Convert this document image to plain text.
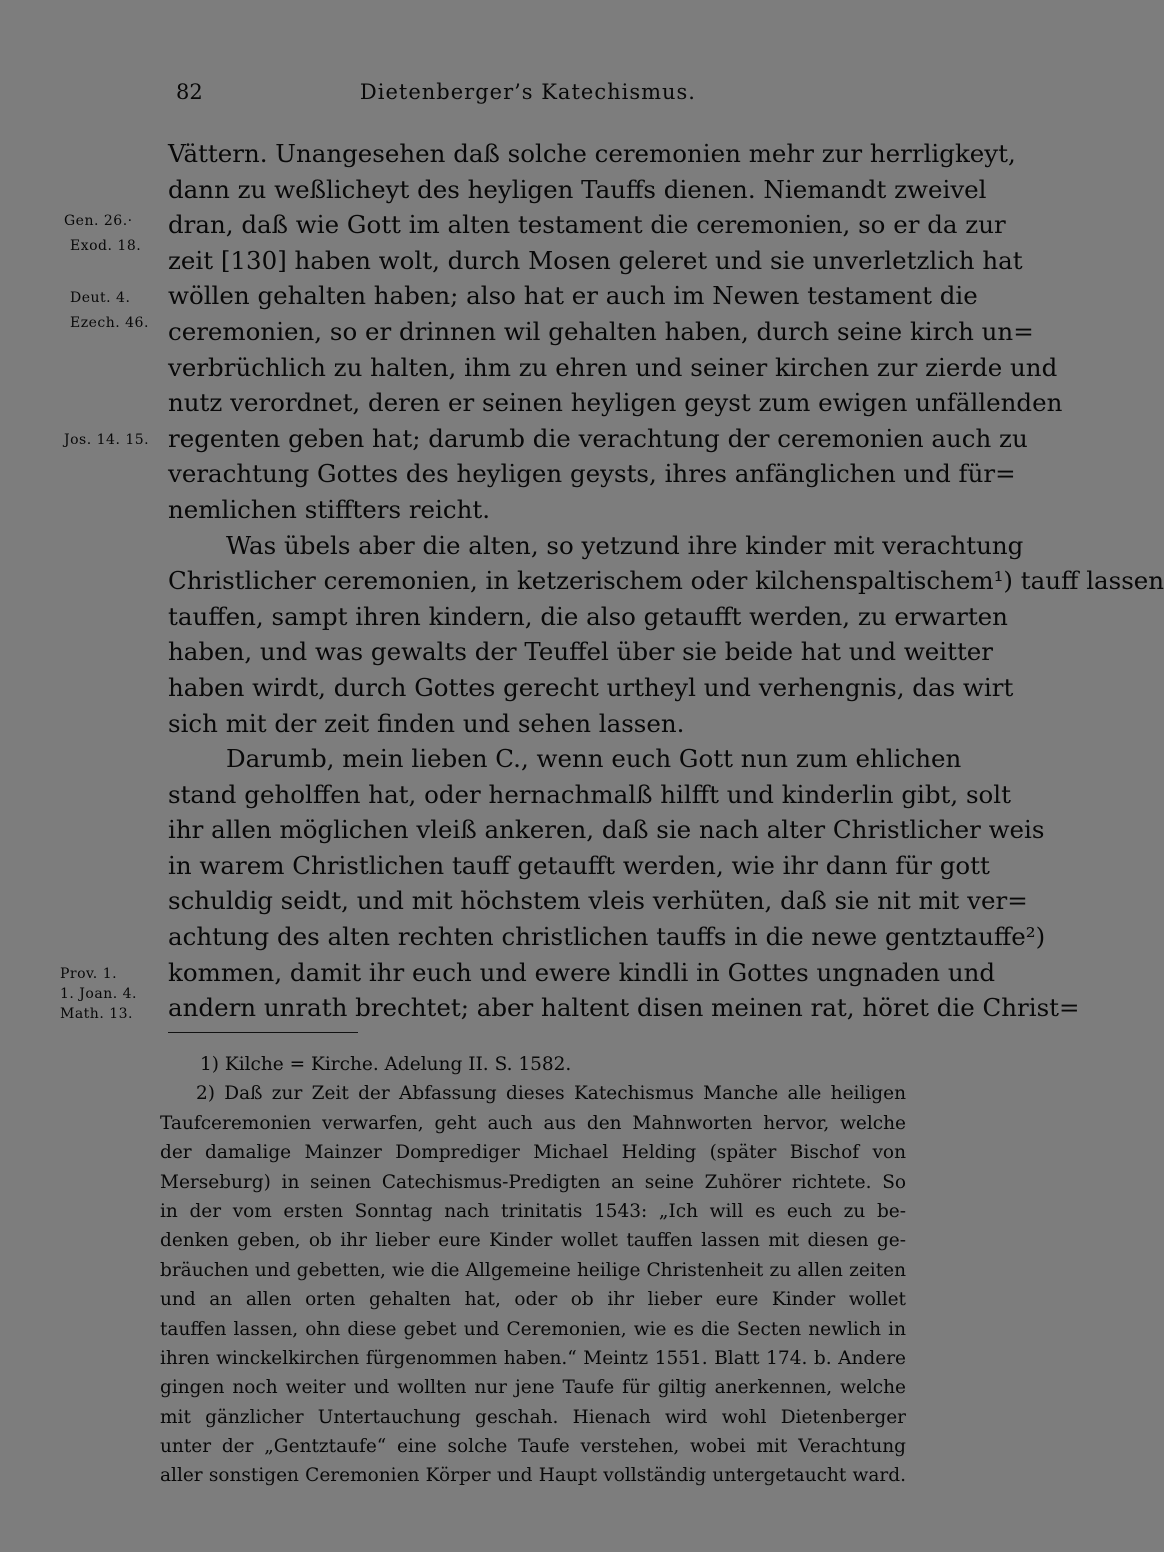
82	Dietenberger’s Katechismus.
Gen. 26.·
Exod. 18.
Deut. 4.
Ezech. 46.
Jos. 14. 15.
Prov. 1.
1. Joan. 4.
Math. 13.
Vättern. Unangesehen daß solche ceremonien mehr zur herrligkeyt,
dann zu weßlicheyt des heyligen Tauffs dienen. Niemandt zweivel
dran, daß wie Gott im alten testament die ceremonien, so er da zur
zeit [130] haben wolt, durch Mosen geleret und sie unverletzlich hat
wöllen gehalten haben; also hat er auch im Newen testament die
ceremonien, so er drinnen wil gehalten haben, durch seine kirch un=
verbrüchlich zu halten, ihm zu ehren und seiner kirchen zur zierde und
nutz verordnet, deren er seinen heyligen geyst zum ewigen unfällenden
regenten geben hat; darumb die verachtung der ceremonien auch zu
verachtung Gottes des heyligen geysts, ihres anfänglichen und für=
nemlichen stiffters reicht.
Was übels aber die alten, so yetzund ihre kinder mit verachtung
Christlicher ceremonien, in ketzerischem oder kilchenspaltischem¹) tauff lassen
tauffen, sampt ihren kindern, die also getaufft werden, zu erwarten
haben, und was gewalts der Teuffel über sie beide hat und weitter
haben wirdt, durch Gottes gerecht urtheyl und verhengnis, das wirt
sich mit der zeit finden und sehen lassen.
Darumb, mein lieben C., wenn euch Gott nun zum ehlichen
stand geholffen hat, oder hernachmalß hilfft und kinderlin gibt, solt
ihr allen möglichen vleiß ankeren, daß sie nach alter Christlicher weis
in warem Christlichen tauff getaufft werden, wie ihr dann für gott
schuldig seidt, und mit höchstem vleis verhüten, daß sie nit mit ver=
achtung des alten rechten christlichen tauffs in die newe gentztauffe²)
kommen, damit ihr euch und ewere kindli in Gottes ungnaden und
andern unrath brechtet; aber haltent disen meinen rat, höret die Christ=
1) Kilche = Kirche. Adelung II. S. 1582.
2) Daß zur Zeit der Abfassung dieses Katechismus Manche alle heiligen
Taufceremonien verwarfen, geht auch aus den Mahnworten hervor, welche
der damalige Mainzer Domprediger Michael Helding (später Bischof von
Merseburg) in seinen Catechismus-Predigten an seine Zuhörer richtete. So
in der vom ersten Sonntag nach trinitatis 1543: „Ich will es euch zu be-
denken geben, ob ihr lieber eure Kinder wollet tauffen lassen mit diesen ge-
bräuchen und gebetten, wie die Allgemeine heilige Christenheit zu allen zeiten
und an allen orten gehalten hat, oder ob ihr lieber eure Kinder wollet
tauffen lassen, ohn diese gebet und Ceremonien, wie es die Secten newlich in
ihren winckelkirchen fürgenommen haben.“ Meintz 1551. Blatt 174. b. Andere
gingen noch weiter und wollten nur jene Taufe für giltig anerkennen, welche
mit gänzlicher Untertauchung geschah. Hienach wird wohl Dietenberger
unter der „Gentztaufe“ eine solche Taufe verstehen, wobei mit Verachtung
aller sonstigen Ceremonien Körper und Haupt vollständig untergetaucht ward.
